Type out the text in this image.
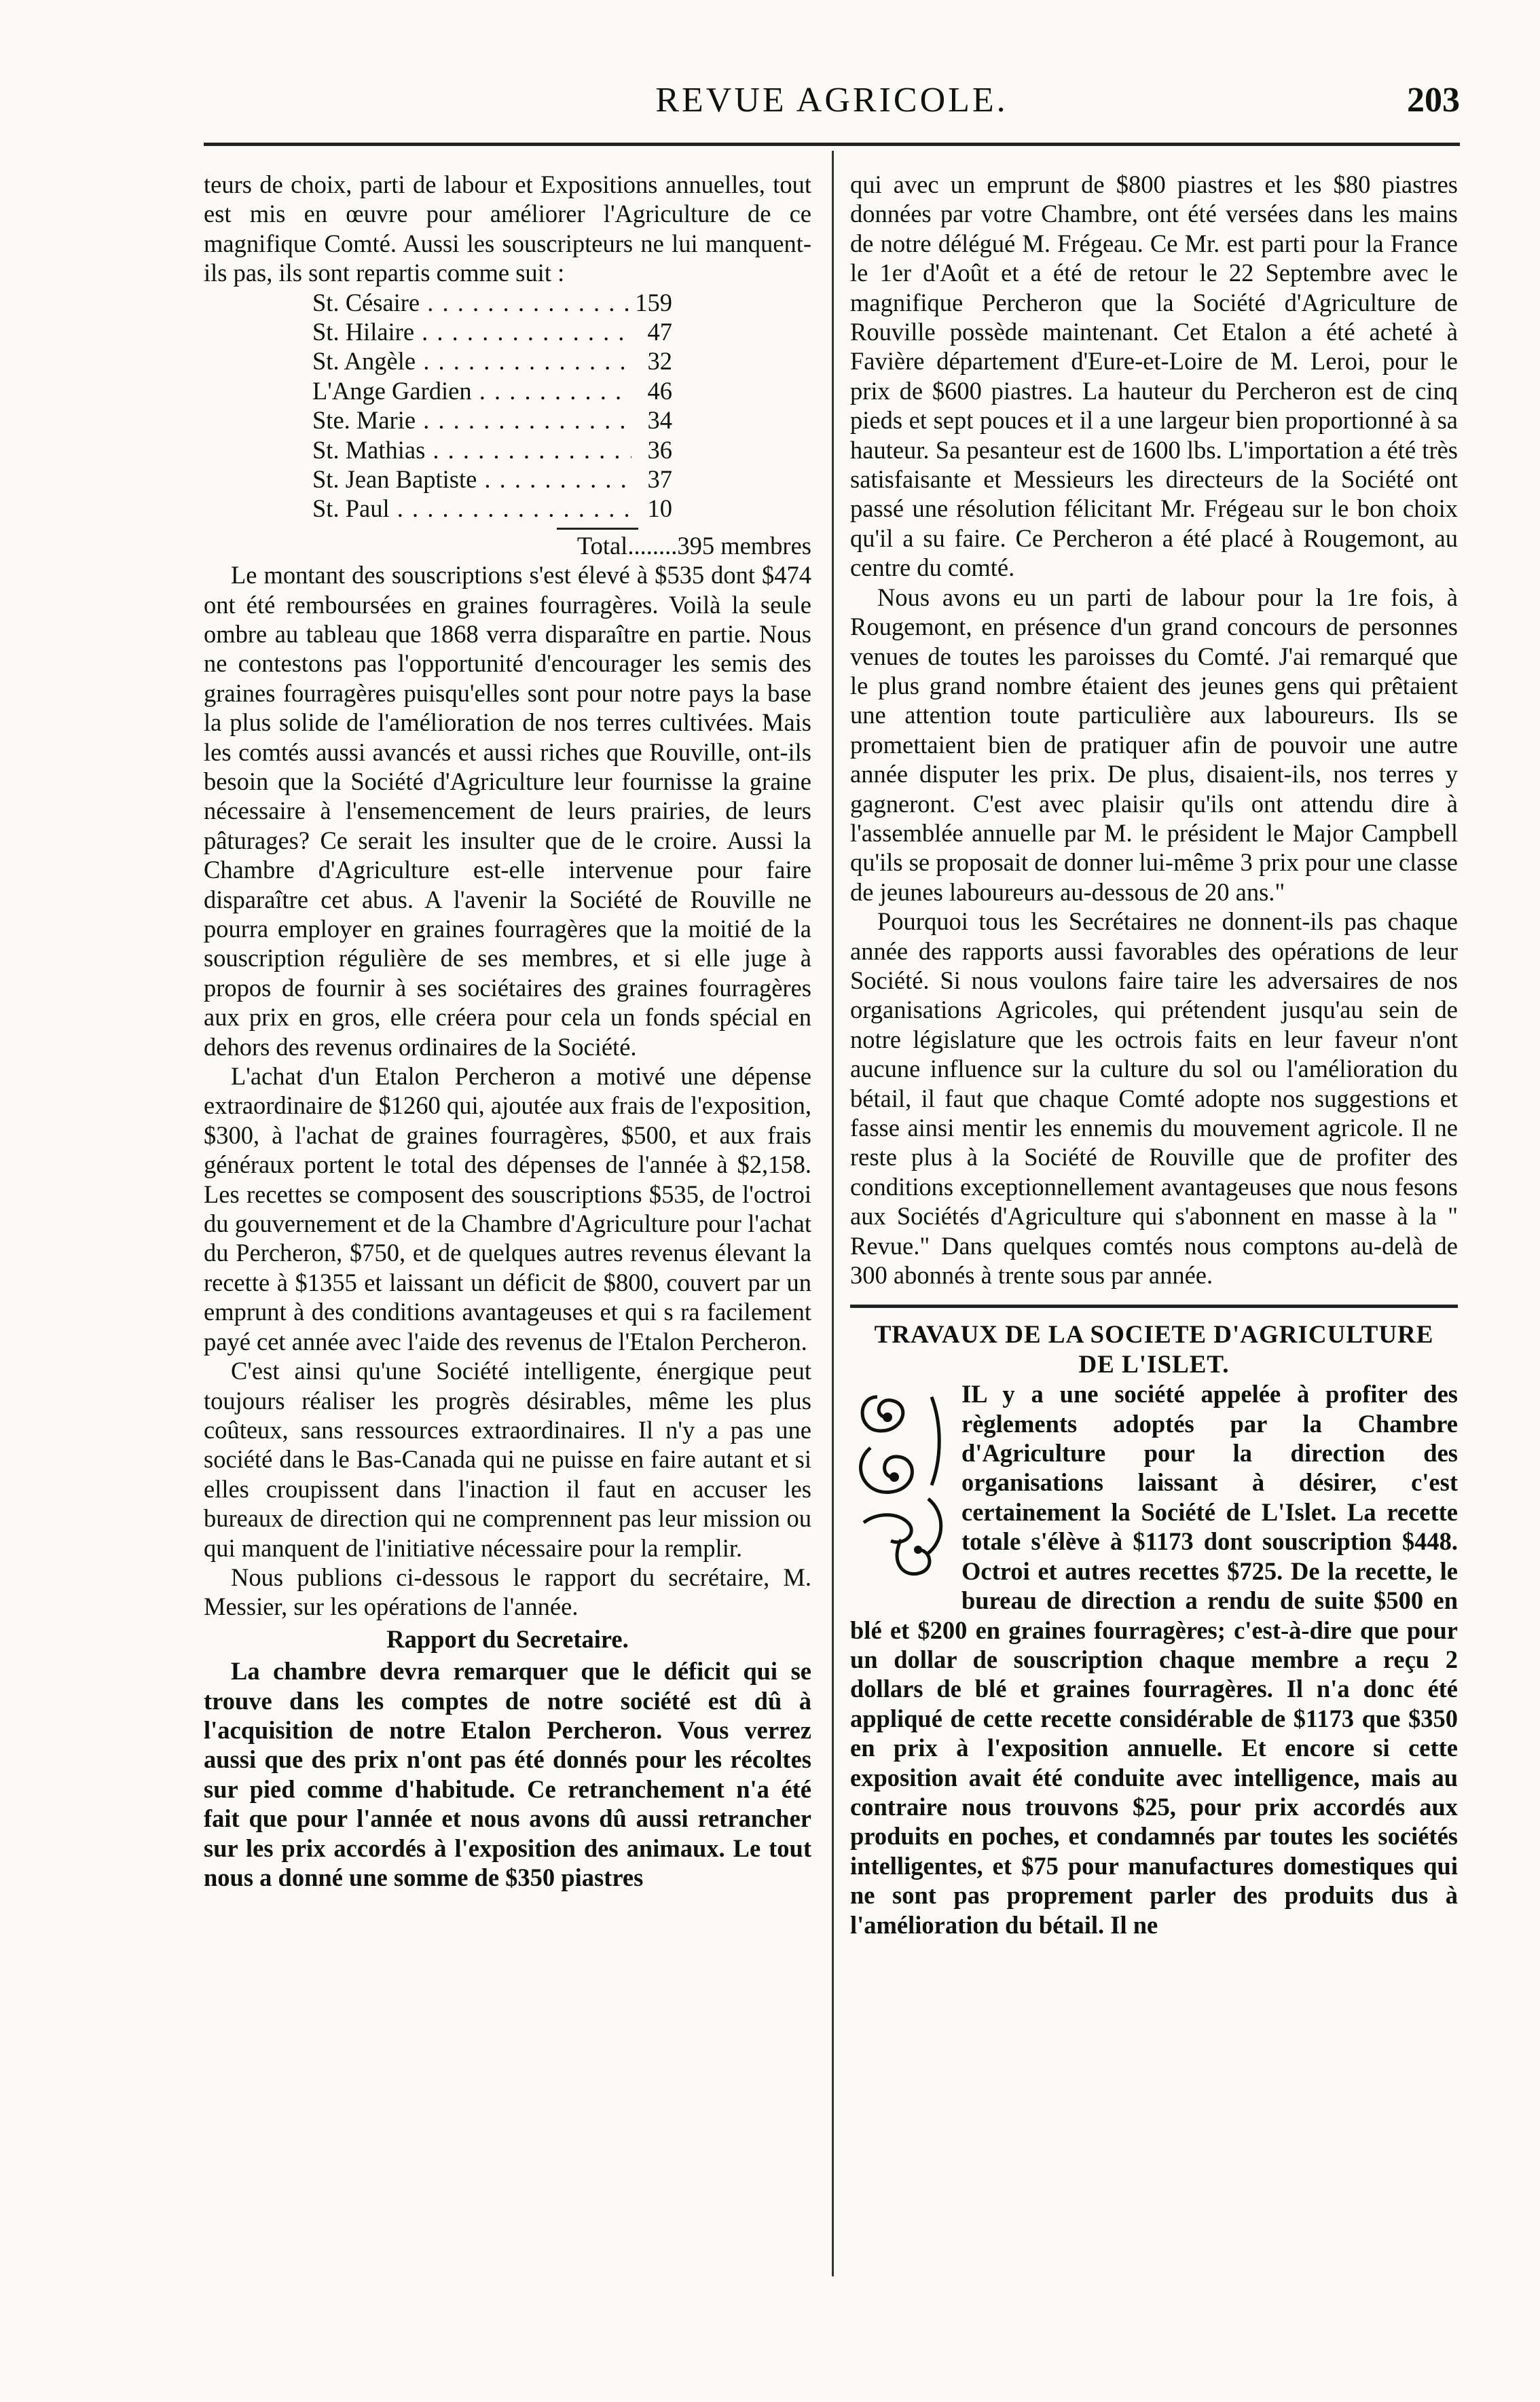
REVUE AGRICOLE.	203

teurs de choix, parti de labour et Expositions annuelles, tout est mis en œuvre pour améliorer l'Agriculture de ce magnifique Comté. Aussi les souscripteurs ne lui manquent-ils pas, ils sont repartis comme suit :

St. Césaire . . .	159
St. Hilaire . . .	47
St. Angèle . . .	32
L'Ange Gardien . . .	46
Ste. Marie . . .	34
St. Mathias . . .	36
St. Jean Baptiste . . .	37
St. Paul . . .	10
Total........395 membres

Le montant des souscriptions s'est élevé à $535 dont $474 ont été remboursées en graines fourragères. Voilà la seule ombre au tableau que 1868 verra disparaître en partie. Nous ne contestons pas l'opportunité d'encourager les semis des graines fourragères puisqu'elles sont pour notre pays la base la plus solide de l'amélioration de nos terres cultivées. Mais les comtés aussi avancés et aussi riches que Rouville, ont-ils besoin que la Société d'Agriculture leur fournisse la graine nécessaire à l'ensemencement de leurs prairies, de leurs pâturages? Ce serait les insulter que de le croire. Aussi la Chambre d'Agriculture est-elle intervenue pour faire disparaître cet abus. A l'avenir la Société de Rouville ne pourra employer en graines fourragères que la moitié de la souscription régulière de ses membres, et si elle juge à propos de fournir à ses sociétaires des graines fourragères aux prix en gros, elle créera pour cela un fonds spécial en dehors des revenus ordinaires de la Société.

L'achat d'un Etalon Percheron a motivé une dépense extraordinaire de $1260 qui, ajoutée aux frais de l'exposition, $300, à l'achat de graines fourragères, $500, et aux frais généraux portent le total des dépenses de l'année à $2,158. Les recettes se composent des souscriptions $535, de l'octroi du gouvernement et de la Chambre d'Agriculture pour l'achat du Percheron, $750, et de quelques autres revenus élevant la recette à $1355 et laissant un déficit de $800, couvert par un emprunt à des conditions avantageuses et qui s ra facilement payé cet année avec l'aide des revenus de l'Etalon Percheron.

C'est ainsi qu'une Société intelligente, énergique peut toujours réaliser les progrès désirables, même les plus coûteux, sans ressources extraordinaires. Il n'y a pas une société dans le Bas-Canada qui ne puisse en faire autant et si elles croupissent dans l'inaction il faut en accuser les bureaux de direction qui ne comprennent pas leur mission ou qui manquent de l'initiative nécessaire pour la remplir.

Nous publions ci-dessous le rapport du secrétaire, M. Messier, sur les opérations de l'année.

Rapport du Secretaire.

La chambre devra remarquer que le déficit qui se trouve dans les comptes de notre société est dû à l'acquisition de notre Etalon Percheron. Vous verrez aussi que des prix n'ont pas été donnés pour les récoltes sur pied comme d'habitude. Ce retranchement n'a été fait que pour l'année et nous avons dû aussi retrancher sur les prix accordés à l'exposition des animaux. Le tout nous a donné une somme de $350 piastres

qui avec un emprunt de $800 piastres et les $80 piastres données par votre Chambre, ont été versées dans les mains de notre délégué M. Frégeau. Ce Mr. est parti pour la France le 1er d'Août et a été de retour le 22 Septembre avec le magnifique Percheron que la Société d'Agriculture de Rouville possède maintenant. Cet Etalon a été acheté à Favière département d'Eure-et-Loire de M. Leroi, pour le prix de $600 piastres. La hauteur du Percheron est de cinq pieds et sept pouces et il a une largeur bien proportionné à sa hauteur. Sa pesanteur est de 1600 lbs. L'importation a été très satisfaisante et Messieurs les directeurs de la Société ont passé une résolution félicitant Mr. Frégeau sur le bon choix qu'il a su faire. Ce Percheron a été placé à Rougemont, au centre du comté.

Nous avons eu un parti de labour pour la 1re fois, à Rougemont, en présence d'un grand concours de personnes venues de toutes les paroisses du Comté. J'ai remarqué que le plus grand nombre étaient des jeunes gens qui prêtaient une attention toute particulière aux laboureurs. Ils se promettaient bien de pratiquer afin de pouvoir une autre année disputer les prix. De plus, disaient-ils, nos terres y gagneront. C'est avec plaisir qu'ils ont attendu dire à l'assemblée annuelle par M. le président le Major Campbell qu'ils se proposait de donner lui-même 3 prix pour une classe de jeunes laboureurs au-dessous de 20 ans."

Pourquoi tous les Secrétaires ne donnent-ils pas chaque année des rapports aussi favorables des opérations de leur Société. Si nous voulons faire taire les adversaires de nos organisations Agricoles, qui prétendent jusqu'au sein de notre législature que les octrois faits en leur faveur n'ont aucune influence sur la culture du sol ou l'amélioration du bétail, il faut que chaque Comté adopte nos suggestions et fasse ainsi mentir les ennemis du mouvement agricole. Il ne reste plus à la Société de Rouville que de profiter des conditions exceptionnellement avantageuses que nous fesons aux Sociétés d'Agriculture qui s'abonnent en masse à la " Revue." Dans quelques comtés nous comptons au-delà de 300 abonnés à trente sous par année.

TRAVAUX DE LA SOCIETE D'AGRICULTURE
DE L'ISLET.

IL y a une société appelée à profiter des règlements adoptés par la Chambre d'Agriculture pour la direction des organisations laissant à désirer, c'est certainement la Société de L'Islet. La recette totale s'élève à $1173 dont souscription $448. Octroi et autres recettes $725. De la recette, le bureau de direction a rendu de suite $500 en blé et $200 en graines fourragères; c'est-à-dire que pour un dollar de souscription chaque membre a reçu 2 dollars de blé et graines fourragères. Il n'a donc été appliqué de cette recette considérable de $1173 que $350 en prix à l'exposition annuelle. Et encore si cette exposition avait été conduite avec intelligence, mais au contraire nous trouvons $25, pour prix accordés aux produits en poches, et condamnés par toutes les sociétés intelligentes, et $75 pour manufactures domestiques qui ne sont pas proprement parler des produits dus à l'amélioration du bétail. Il ne
